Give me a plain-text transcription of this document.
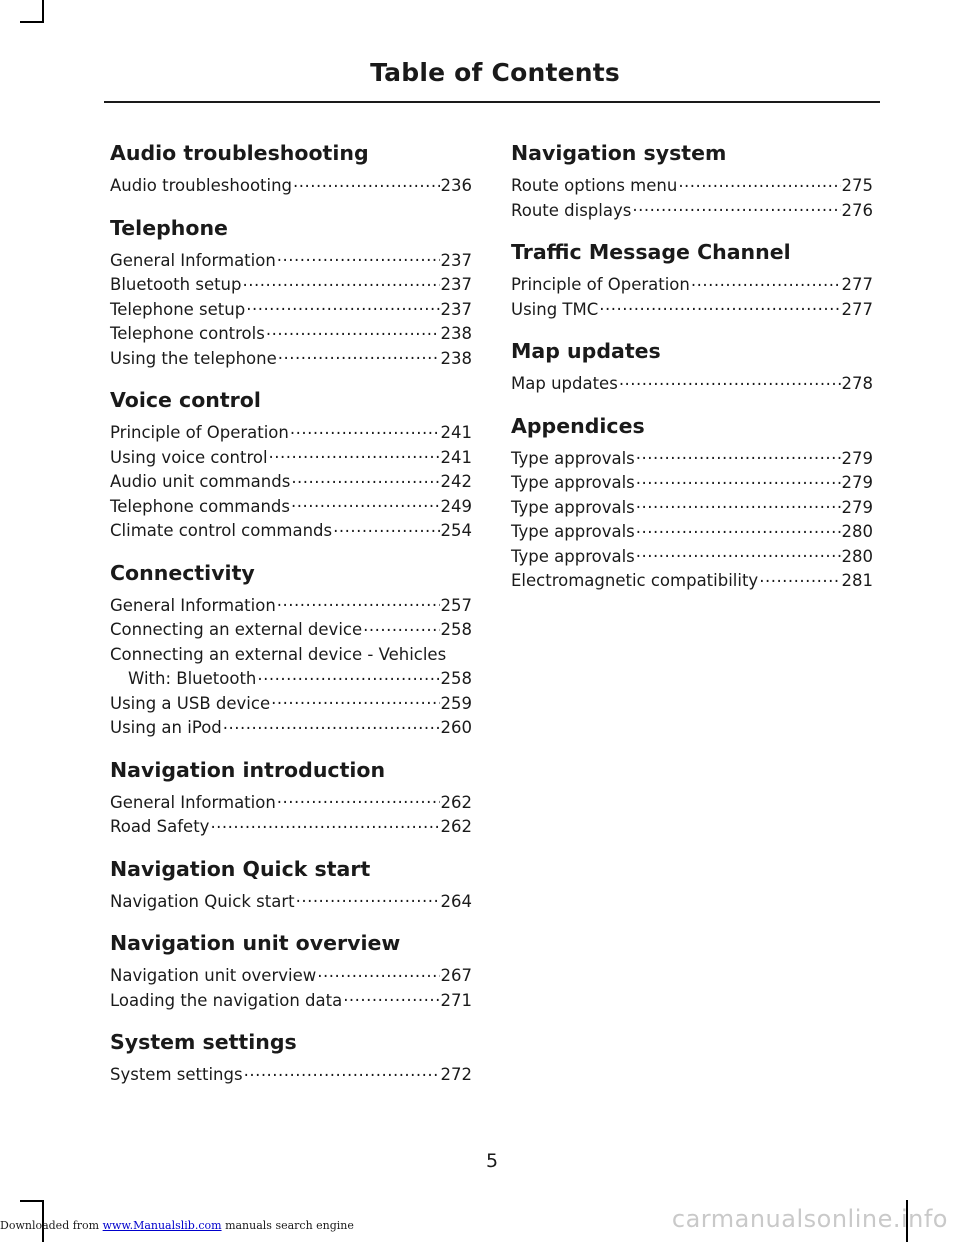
Table of Contents
Audio troubleshooting
Audio troubleshooting .....	236
Telephone
General Information .....	237
Bluetooth setup .....	237
Telephone setup .....	237
Telephone controls .....	238
Using the telephone .....	238
Voice control
Principle of Operation .....	241
Using voice control .....	241
Audio unit commands .....	242
Telephone commands .....	249
Climate control commands .....	254
Connectivity
General Information .....	257
Connecting an external device .....	258
Connecting an external device - Vehicles
With: Bluetooth .....	258
Using a USB device .....	259
Using an iPod .....	260
Navigation introduction
General Information .....	262
Road Safety .....	262
Navigation Quick start
Navigation Quick start .....	264
Navigation unit overview
Navigation unit overview .....	267
Loading the navigation data .....	271
System settings
System settings .....	272
Navigation system
Route options menu .....	275
Route displays .....	276
Traffic Message Channel
Principle of Operation .....	277
Using TMC .....	277
Map updates
Map updates .....	278
Appendices
Type approvals .....	279
Type approvals .....	279
Type approvals .....	279
Type approvals .....	280
Type approvals .....	280
Electromagnetic compatibility .....	281
5
Downloaded from www.Manualslib.com manuals search engine	carmanualsonline.info
